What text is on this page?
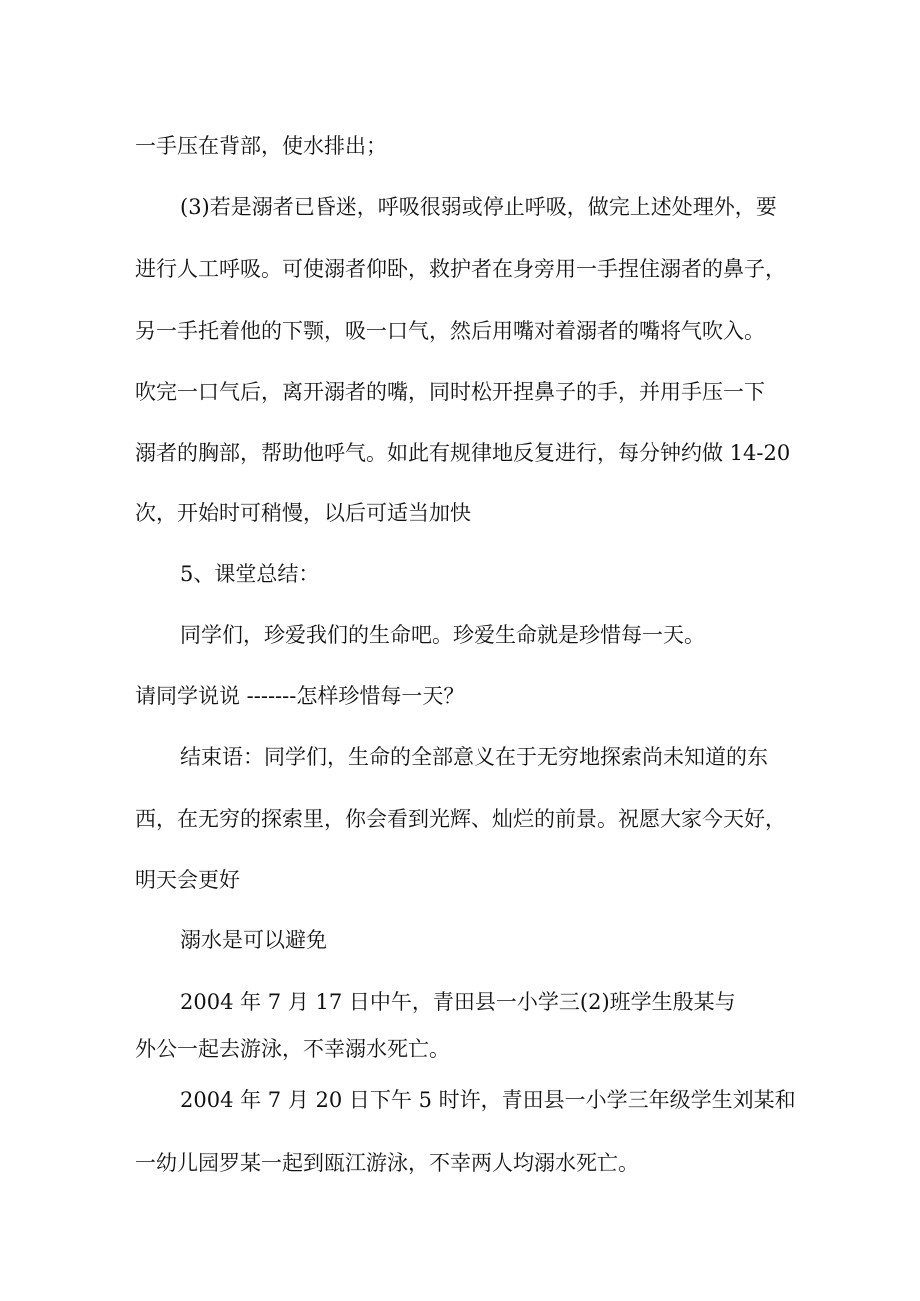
一手压在背部，使水排出；
(3)若是溺者已昏迷，呼吸很弱或停止呼吸，做完上述处理外，要
进行人工呼吸。可使溺者仰卧，救护者在身旁用一手捏住溺者的鼻子，
另一手托着他的下颚，吸一口气，然后用嘴对着溺者的嘴将气吹入。
吹完一口气后，离开溺者的嘴，同时松开捏鼻子的手，并用手压一下
溺者的胸部，帮助他呼气。如此有规律地反复进行，每分钟约做 14-20
次，开始时可稍慢，以后可适当加快
5、课堂总结：
同学们，珍爱我们的生命吧。珍爱生命就是珍惜每一天。
请同学说说 -------怎样珍惜每一天？
结束语：同学们，生命的全部意义在于无穷地探索尚未知道的东
西，在无穷的探索里，你会看到光辉、灿烂的前景。祝愿大家今天好，
明天会更好
溺水是可以避免
2004 年 7 月 17 日中午，青田县一小学三(2)班学生殷某与
外公一起去游泳，不幸溺水死亡。
2004 年 7 月 20 日下午 5 时许，青田县一小学三年级学生刘某和
一幼儿园罗某一起到瓯江游泳，不幸两人均溺水死亡。
